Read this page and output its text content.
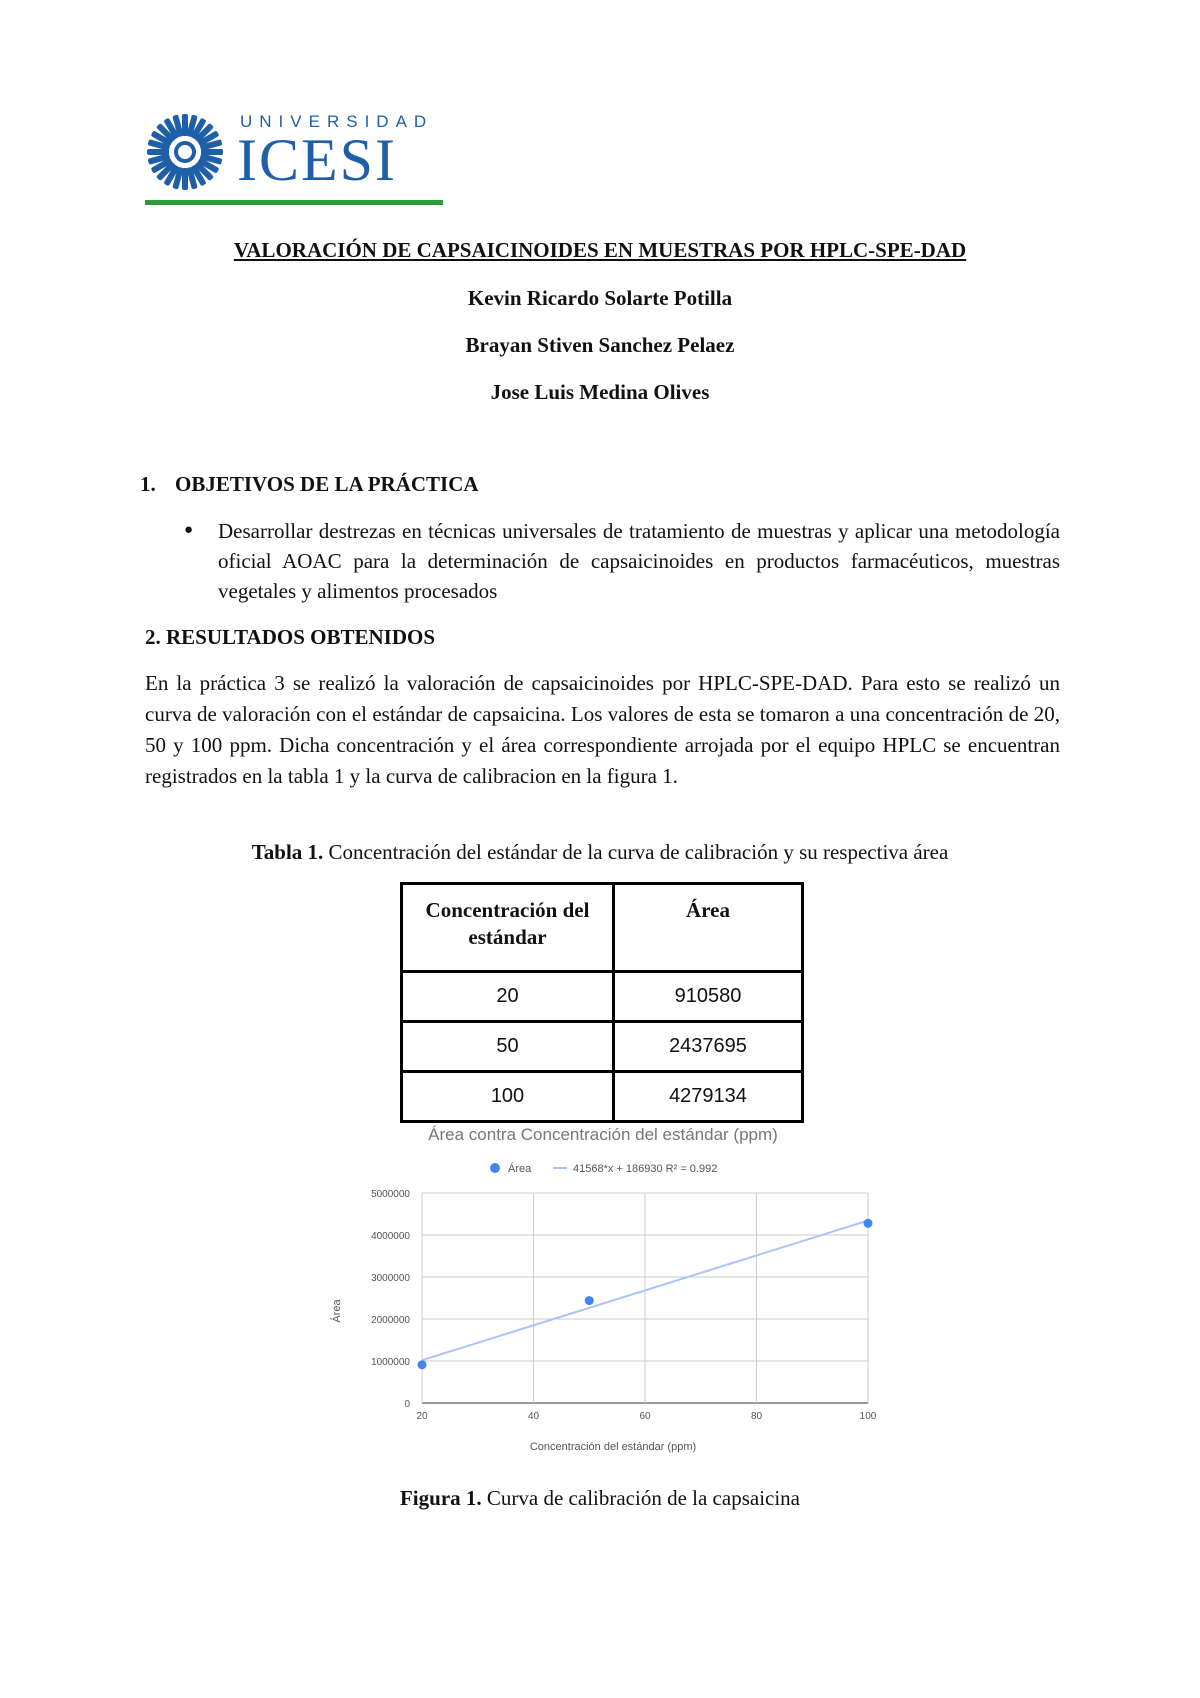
UNIVERSIDAD
ICESI
VALORACIÓN DE CAPSAICINOIDES EN MUESTRAS POR HPLC-SPE-DAD
Kevin Ricardo Solarte Potilla
Brayan Stiven Sanchez Pelaez
Jose Luis Medina Olives
1. OBJETIVOS DE LA PRÁCTICA
● Desarrollar destrezas en técnicas universales de tratamiento de muestras y aplicar una metodología oficial AOAC para la determinación de capsaicinoides en productos farmacéuticos, muestras vegetales y alimentos procesados
2. RESULTADOS OBTENIDOS
En la práctica 3 se realizó la valoración de capsaicinoides por HPLC-SPE-DAD. Para esto se realizó un curva de valoración con el estándar de capsaicina. Los valores de esta se tomaron a una concentración de 20, 50 y 100 ppm. Dicha concentración y el área correspondiente arrojada por el equipo HPLC se encuentran registrados en la tabla 1 y la curva de calibracion en la figura 1.
Tabla 1. Concentración del estándar de la curva de calibración y su respectiva área
Concentración del estándar	Área
20	910580
50	2437695
100	4279134
Área contra Concentración del estándar (ppm)
Área	41568*x + 186930 R² = 0.992
0
1000000
2000000
3000000
4000000
5000000
20	40	60	80	100
Concentración del estándar (ppm)
Área
Figura 1. Curva de calibración de la capsaicina
